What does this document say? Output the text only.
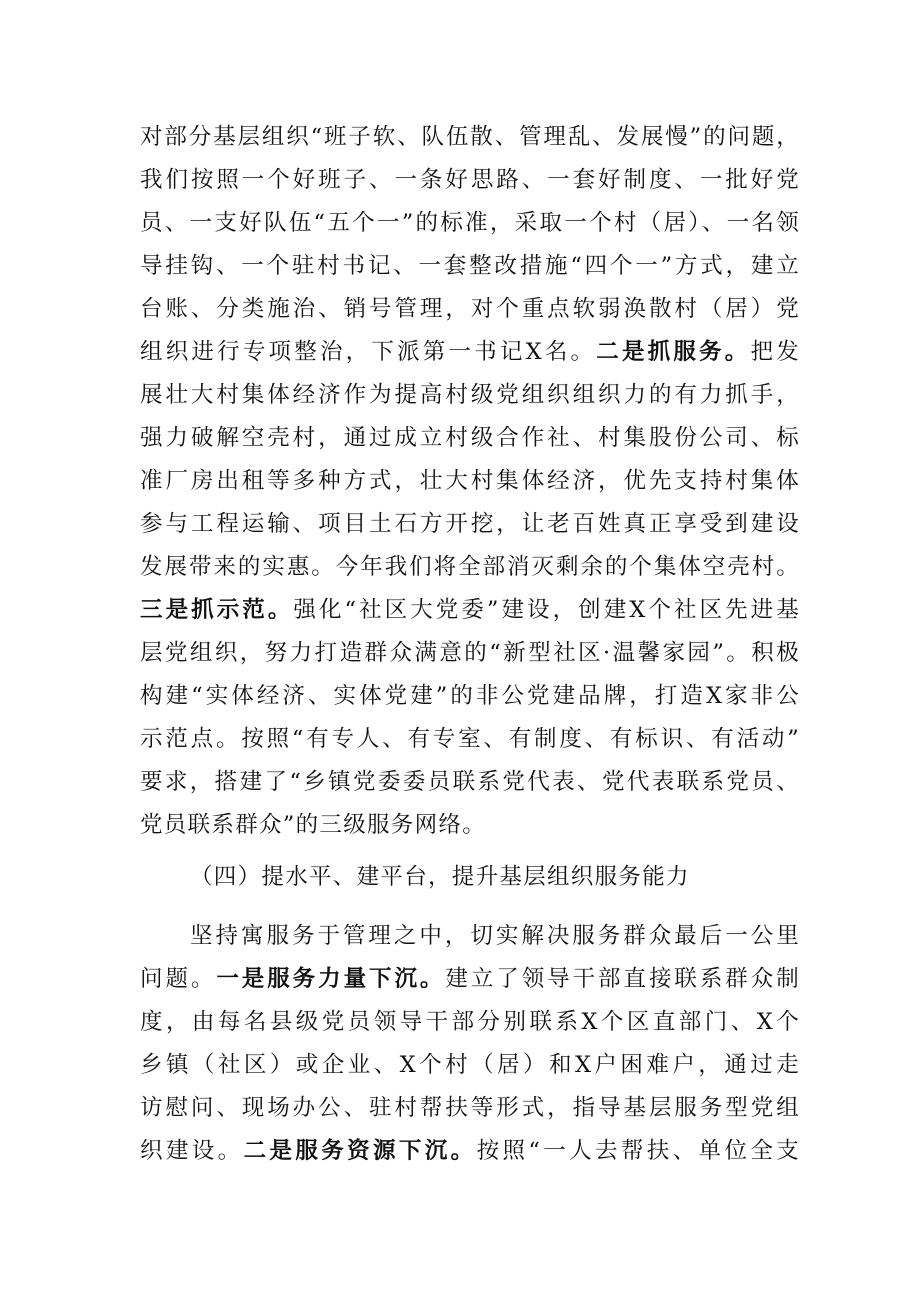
对部分基层组织“班子软、队伍散、管理乱、发展慢”的问题，
我们按照一个好班子、一条好思路、一套好制度、一批好党
员、一支好队伍“五个一”的标准，采取一个村（居）、一名领
导挂钩、一个驻村书记、一套整改措施“四个一”方式，建立
台账、分类施治、销号管理，对个重点软弱涣散村（居）党
组织进行专项整治，下派第一书记X名。二是抓服务。把发
展壮大村集体经济作为提高村级党组织组织力的有力抓手，
强力破解空壳村，通过成立村级合作社、村集股份公司、标
准厂房出租等多种方式，壮大村集体经济，优先支持村集体
参与工程运输、项目土石方开挖，让老百姓真正享受到建设
发展带来的实惠。今年我们将全部消灭剩余的个集体空壳村。
三是抓示范。强化“社区大党委”建设，创建X个社区先进基
层党组织，努力打造群众满意的“新型社区·温馨家园”。积极
构建“实体经济、实体党建”的非公党建品牌，打造X家非公
示范点。按照“有专人、有专室、有制度、有标识、有活动”
要求，搭建了“乡镇党委委员联系党代表、党代表联系党员、
党员联系群众”的三级服务网络。
（四）提水平、建平台，提升基层组织服务能力
坚持寓服务于管理之中，切实解决服务群众最后一公里
问题。一是服务力量下沉。建立了领导干部直接联系群众制
度，由每名县级党员领导干部分别联系X个区直部门、X个
乡镇（社区）或企业、X个村（居）和X户困难户，通过走
访慰问、现场办公、驻村帮扶等形式，指导基层服务型党组
织建设。二是服务资源下沉。按照“一人去帮扶、单位全支
